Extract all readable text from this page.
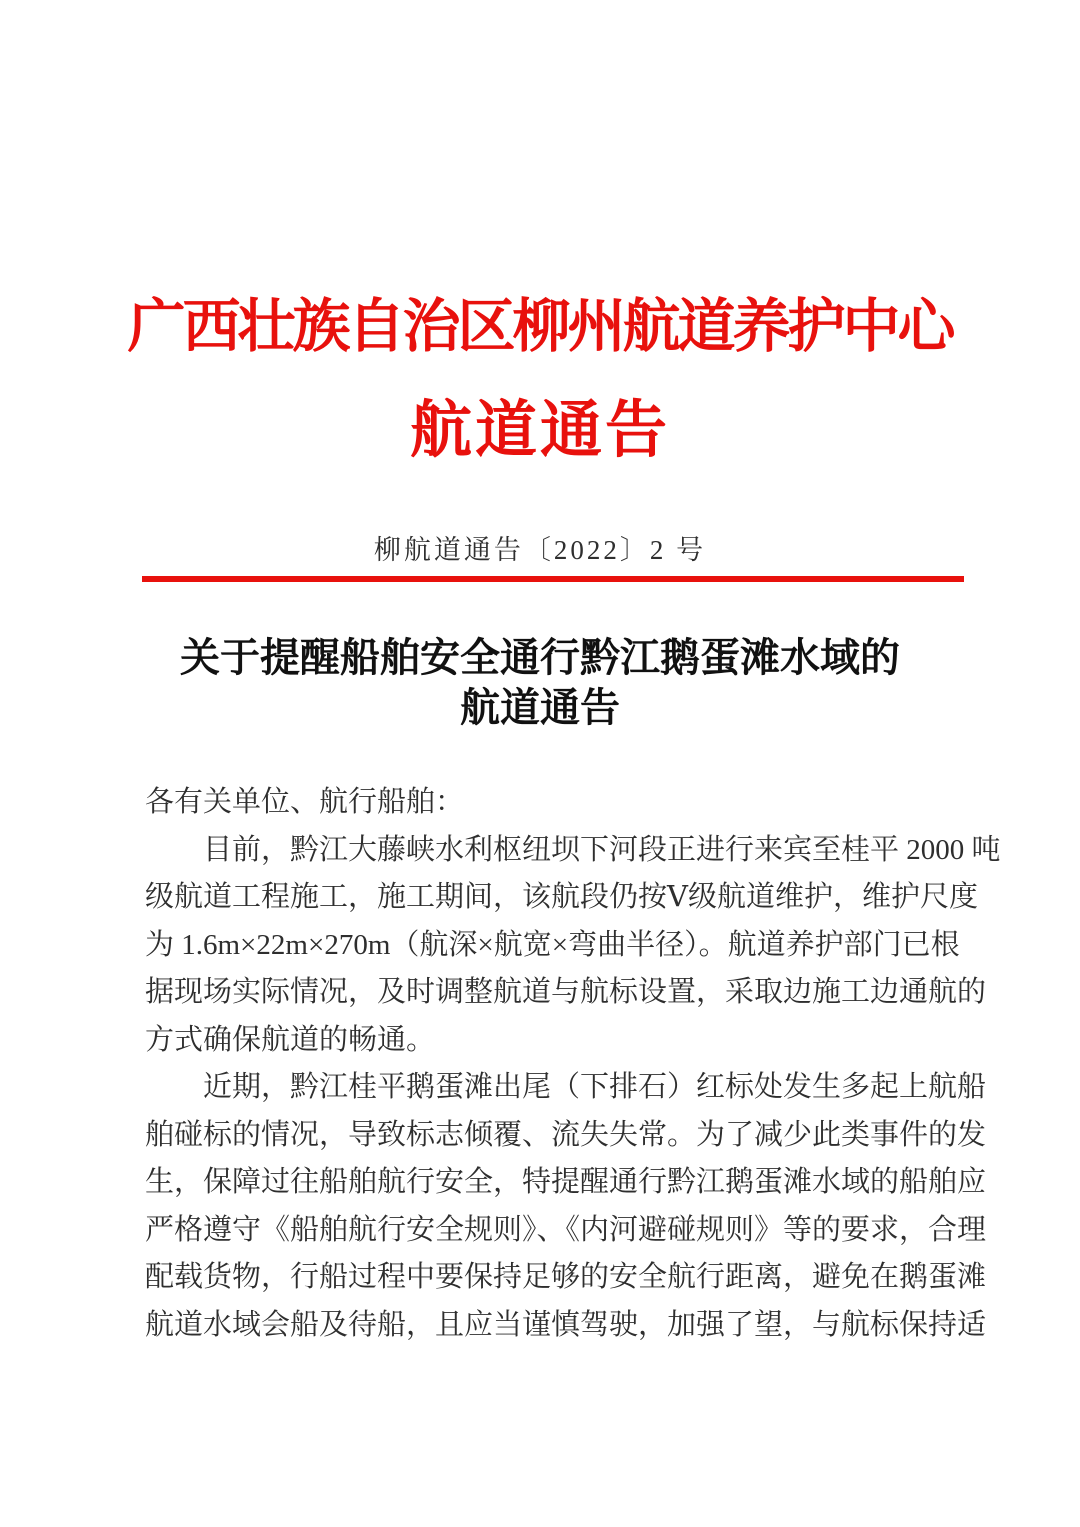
广西壮族自治区柳州航道养护中心
航道通告
柳航道通告〔2022〕2 号
关于提醒船舶安全通行黔江鹅蛋滩水域的
航道通告
各有关单位、航行船舶：
目前，黔江大藤峡水利枢纽坝下河段正进行来宾至桂平 2000 吨
级航道工程施工，施工期间，该航段仍按Ⅴ级航道维护，维护尺度
为 1.6m×22m×270m（航深×航宽×弯曲半径）。航道养护部门已根
据现场实际情况，及时调整航道与航标设置，采取边施工边通航的
方式确保航道的畅通。
近期，黔江桂平鹅蛋滩出尾（下排石）红标处发生多起上航船
舶碰标的情况，导致标志倾覆、流失失常。为了减少此类事件的发
生，保障过往船舶航行安全，特提醒通行黔江鹅蛋滩水域的船舶应
严格遵守《船舶航行安全规则》、《内河避碰规则》等的要求，合理
配载货物，行船过程中要保持足够的安全航行距离，避免在鹅蛋滩
航道水域会船及待船，且应当谨慎驾驶，加强了望，与航标保持适
